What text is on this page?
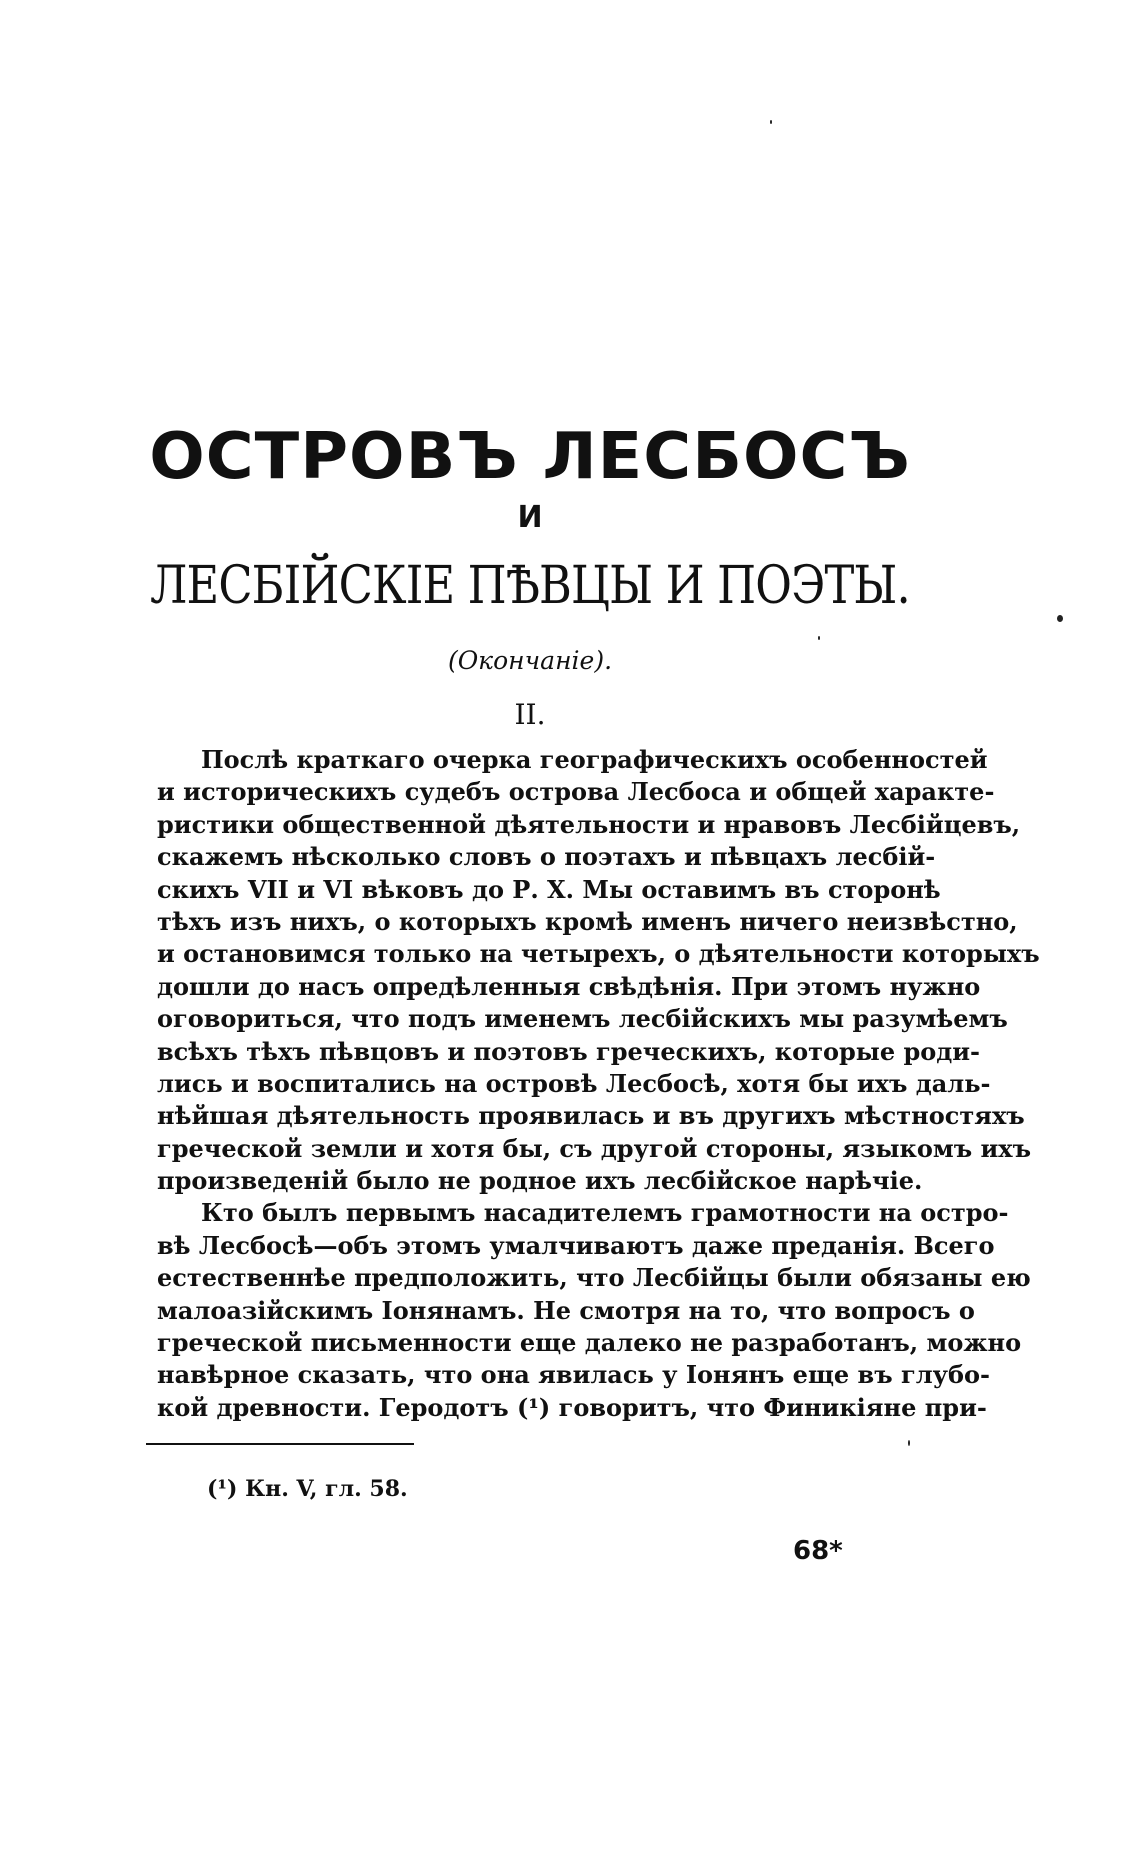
ОСТРОВЪ ЛЕСБОСЪ
И
ЛЕСБІЙСКІЕ ПѢВЦЫ И ПОЭТЫ.
(Окончаніе).
II.
Послѣ краткаго очерка географическихъ особенностей
и историческихъ судебъ острова Лесбоса и общей характе-
ристики общественной дѣятельности и нравовъ Лесбійцевъ,
скажемъ нѣсколько словъ о поэтахъ и пѣвцахъ лесбій-
скихъ VII и VI вѣковъ до Р. Х. Мы оставимъ въ сторонѣ
тѣхъ изъ нихъ, о которыхъ кромѣ именъ ничего неизвѣстно,
и остановимся только на четырехъ, о дѣятельности которыхъ
дошли до насъ опредѣленныя свѣдѣнія. При этомъ нужно
оговориться, что подъ именемъ лесбійскихъ мы разумѣемъ
всѣхъ тѣхъ пѣвцовъ и поэтовъ греческихъ, которые роди-
лись и воспитались на островѣ Лесбосѣ, хотя бы ихъ даль-
нѣйшая дѣятельность проявилась и въ другихъ мѣстностяхъ
греческой земли и хотя бы, съ другой стороны, языкомъ ихъ
произведеній было не родное ихъ лесбійское нарѣчіе.
Кто былъ первымъ насадителемъ грамотности на остро-
вѣ Лесбосѣ—объ этомъ умалчиваютъ даже преданія. Всего
естественнѣе предположить, что Лесбійцы были обязаны ею
малоазійскимъ Іонянамъ. Не смотря на то, что вопросъ о
греческой письменности еще далеко не разработанъ, можно
навѣрное сказать, что она явилась у Іонянъ еще въ глубо-
кой древности. Геродотъ (¹) говоритъ, что Финикіяне при-
(¹) Кн. V, гл. 58.
68*
